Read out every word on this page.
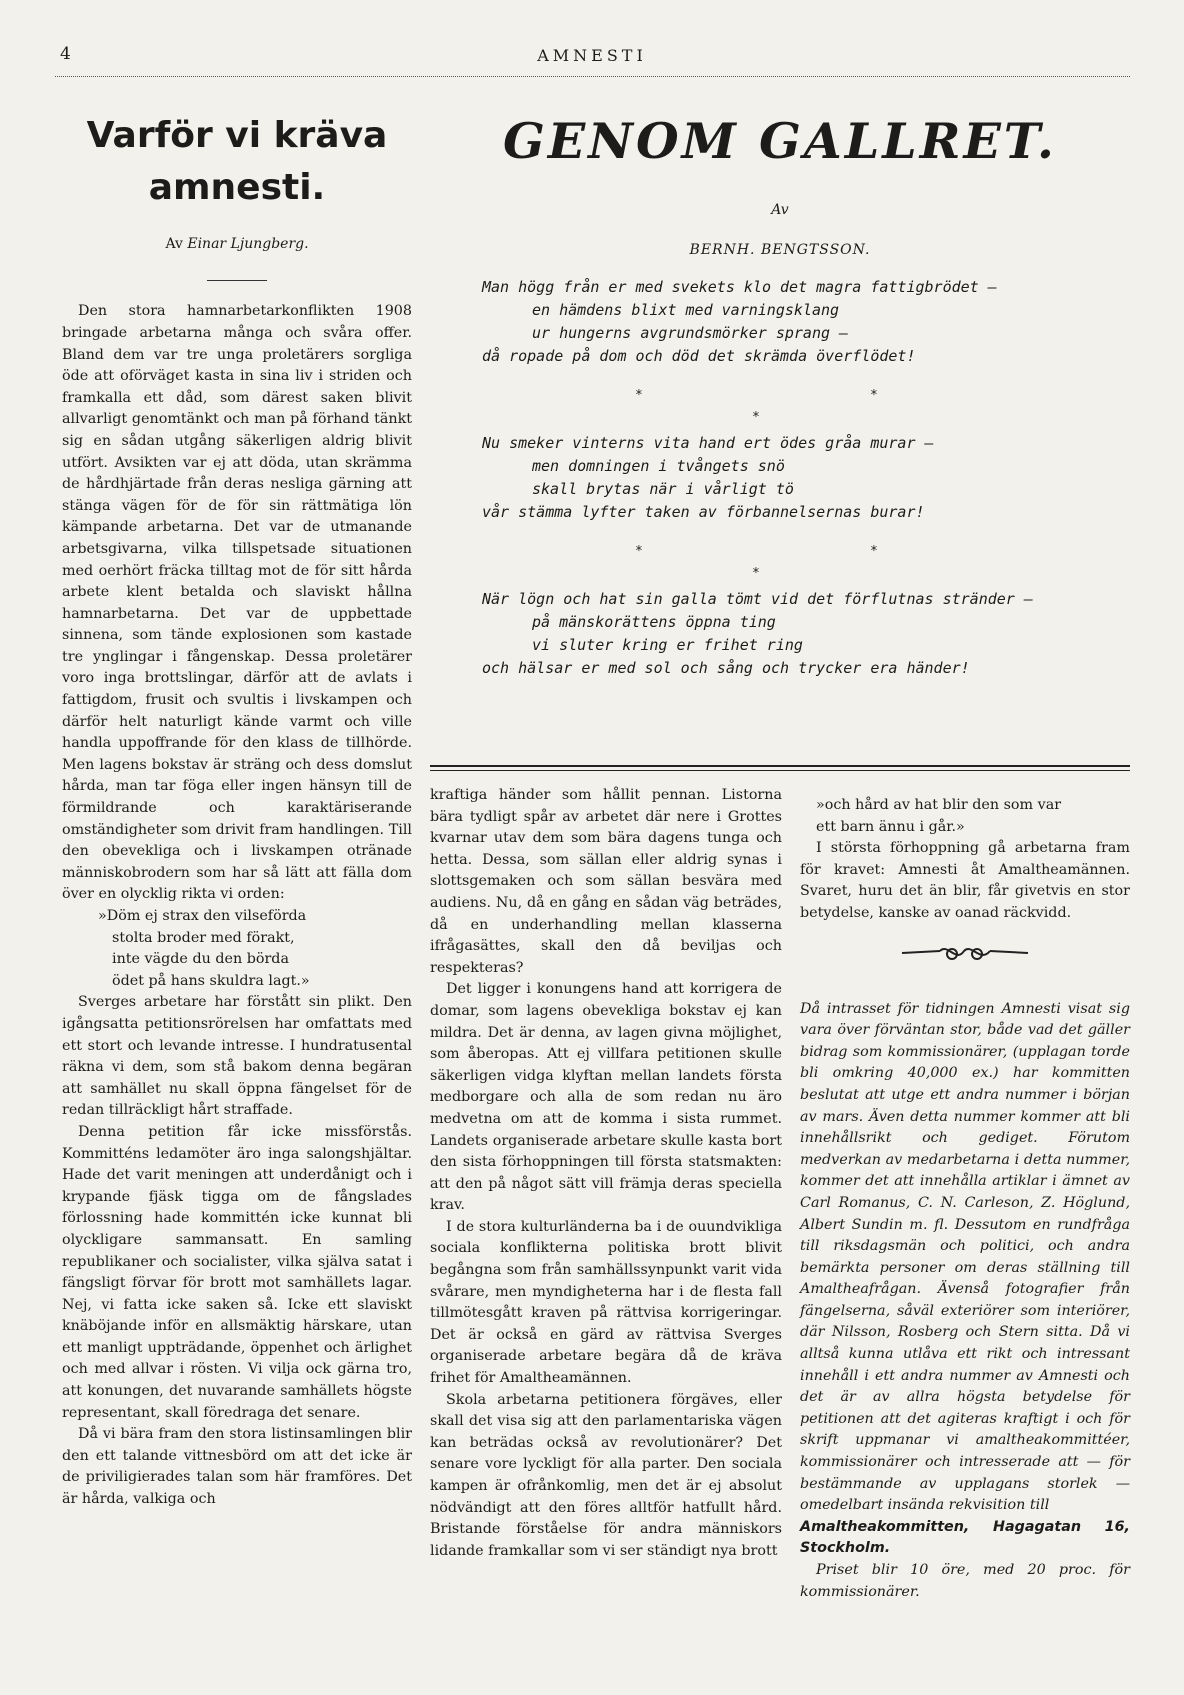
4	AMNESTI
Varför vi kräva amnesti.
Av Einar Ljungberg.

Den stora hamnarbetarkonflikten 1908 bringade arbetarna många och svåra offer. Bland dem var tre unga proletärers sorgliga öde att oförväget kasta in sina liv i striden och framkalla ett dåd, som därest saken blivit allvarligt genomtänkt och man på förhand tänkt sig en sådan utgång säkerligen aldrig blivit utfört. Avsikten var ej att döda, utan skrämma de hårdhjärtade från deras nesliga gärning att stänga vägen för de för sin rättmätiga lön kämpande arbetarna. Det var de utmanande arbetsgivarna, vilka tillspetsade situationen med oerhört fräcka tilltag mot de för sitt hårda arbete klent betalda och slaviskt hållna hamnarbetarna. Det var de uppbettade sinnena, som tände explosionen som kastade tre ynglingar i fångenskap. Dessa proletärer voro inga brottslingar, därför att de avlats i fattigdom, frusit och svultis i livskampen och därför helt naturligt kände varmt och ville handla uppoffrande för den klass de tillhörde. Men lagens bokstav är sträng och dess domslut hårda, man tar föga eller ingen hänsyn till de förmildrande och karaktäriserande omständigheter som drivit fram handlingen. Till den obevekliga och i livskampen otränade människobrodern som har så lätt att fälla dom över en olycklig rikta vi orden:

»Döm ej strax den vilseförda

stolta broder med förakt,

inte vägde du den börda

ödet på hans skuldra lagt.»

Sverges arbetare har förstått sin plikt. Den igångsatta petitionsrörelsen har omfattats med ett stort och levande intresse. I hundratusental räkna vi dem, som stå bakom denna begäran att samhället nu skall öppna fängelset för de redan tillräckligt hårt straffade.

Denna petition får icke missförstås. Kommitténs ledamöter äro inga salongshjältar. Hade det varit meningen att underdånigt och i krypande fjäsk tigga om de fångslades förlossning hade kommittén icke kunnat bli olyckligare sammansatt. En samling republikaner och socialister, vilka själva satat i fängsligt förvar för brott mot samhällets lagar. Nej, vi fatta icke saken så. Icke ett slaviskt knäböjande inför en allsmäktig härskare, utan ett manligt uppträdande, öppenhet och ärlighet och med allvar i rösten. Vi vilja ock gärna tro, att konungen, det nuvarande samhällets högste representant, skall föredraga det senare.

Då vi bära fram den stora listinsamlingen blir den ett talande vittnesbörd om att det icke är de priviligierades talan som här framföres. Det är hårda, valkiga och

GENOM GALLRET.
Av
BERNH. BENGTSSON.

Man högg från er med svekets klo det magra fattigbrödet —

en hämdens blixt med varningsklang

ur hungerns avgrundsmörker sprang —

då ropade på dom och död det skrämda överflödet!

*	*
*

Nu smeker vinterns vita hand ert ödes gråa murar —

men domningen i tvångets snö

skall brytas när i vårligt tö

vår stämma lyfter taken av förbannelsernas burar!

*	*
*

När lögn och hat sin galla tömt vid det förflutnas stränder —

på mänskorättens öppna ting

vi sluter kring er frihet ring

och hälsar er med sol och sång och trycker era händer!

kraftiga händer som hållit pennan. Listorna bära tydligt spår av arbetet där nere i Grottes kvarnar utav dem som bära dagens tunga och hetta. Dessa, som sällan eller aldrig synas i slottsgemaken och som sällan besvära med audiens. Nu, då en gång en sådan väg beträdes, då en underhandling mellan klasserna ifrågasättes, skall den då beviljas och respekteras?

Det ligger i konungens hand att korrigera de domar, som lagens obevekliga bokstav ej kan mildra. Det är denna, av lagen givna möjlighet, som åberopas. Att ej villfara petitionen skulle säkerligen vidga klyftan mellan landets första medborgare och alla de som redan nu äro medvetna om att de komma i sista rummet. Landets organiserade arbetare skulle kasta bort den sista förhoppningen till första statsmakten: att den på något sätt vill främja deras speciella krav.

I de stora kulturländerna ba i de ouundvikliga sociala konflikterna politiska brott blivit begångna som från samhällssynpunkt varit vida svårare, men myndigheterna har i de flesta fall tillmötesgått kraven på rättvisa korrigeringar. Det är också en gärd av rättvisa Sverges organiserade arbetare begära då de kräva frihet för Amaltheamännen.

Skola arbetarna petitionera förgäves, eller skall det visa sig att den parlamentariska vägen kan beträdas också av revolutionärer? Det senare vore lyckligt för alla parter. Den sociala kampen är ofrånkomlig, men det är ej absolut nödvändigt att den föres alltför hatfullt hård. Bristande förståelse för andra människors lidande framkallar som vi ser ständigt nya brott

»och hård av hat blir den som var

ett barn ännu i går.»

I största förhoppning gå arbetarna fram för kravet: Amnesti åt Amaltheamännen. Svaret, huru det än blir, får givetvis en stor betydelse, kanske av oanad räckvidd.

Då intrasset för tidningen Amnesti visat sig vara över förväntan stor, både vad det gäller bidrag som kommissionärer, (upplagan torde bli omkring 40,000 ex.) har kommitten beslutat att utge ett andra nummer i början av mars. Även detta nummer kommer att bli innehållsrikt och gediget. Förutom medverkan av medarbetarna i detta nummer, kommer det att innehålla artiklar i ämnet av Carl Romanus, C. N. Carleson, Z. Höglund, Albert Sundin m. fl. Dessutom en rundfråga till riksdagsmän och politici, och andra bemärkta personer om deras ställning till Amaltheafrågan. Ävenså fotografier från fängelserna, såväl exteriörer som interiörer, där Nilsson, Rosberg och Stern sitta. Då vi alltså kunna utlåva ett rikt och intressant innehåll i ett andra nummer av Amnesti och det är av allra högsta betydelse för petitionen att det agiteras kraftigt i och för skrift uppmanar vi amaltheakommittéer, kommissionärer och intresserade att — för bestämmande av upplagans storlek — omedelbart insända rekvisition till

Amaltheakommitten, Hagagatan 16, Stockholm.

Priset blir 10 öre, med 20 proc. för kommissionärer.
